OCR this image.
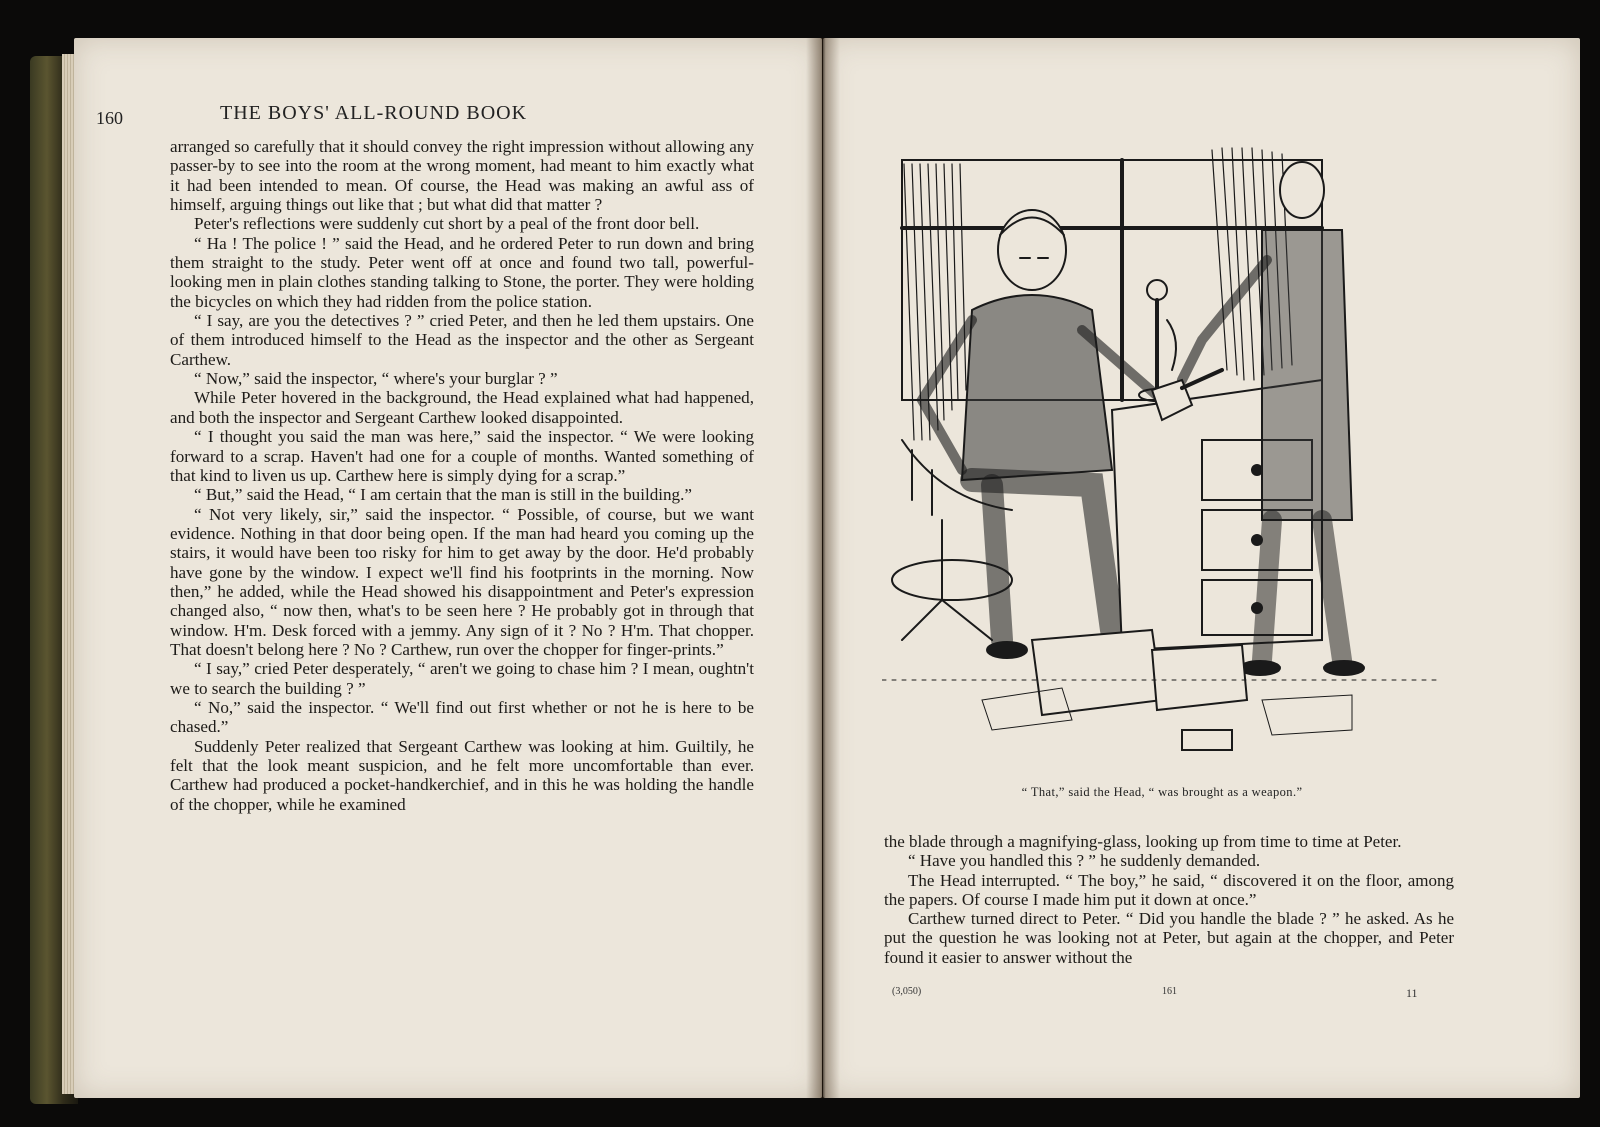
160	THE BOYS' ALL-ROUND BOOK

arranged so carefully that it should convey the right impression without allowing any passer-by to see into the room at the wrong moment, had meant to him exactly what it had been intended to mean. Of course, the Head was making an awful ass of himself, arguing things out like that ; but what did that matter ?

Peter's reflections were suddenly cut short by a peal of the front door bell.

“ Ha ! The police ! ” said the Head, and he ordered Peter to run down and bring them straight to the study. Peter went off at once and found two tall, powerful-looking men in plain clothes standing talking to Stone, the porter. They were holding the bicycles on which they had ridden from the police station.

“ I say, are you the detectives ? ” cried Peter, and then he led them upstairs. One of them introduced himself to the Head as the inspector and the other as Sergeant Carthew.

“ Now,” said the inspector, “ where's your burglar ? ”

While Peter hovered in the background, the Head explained what had happened, and both the inspector and Sergeant Carthew looked disappointed.

“ I thought you said the man was here,” said the inspector. “ We were looking forward to a scrap. Haven't had one for a couple of months. Wanted something of that kind to liven us up. Carthew here is simply dying for a scrap.”

“ But,” said the Head, “ I am certain that the man is still in the building.”

“ Not very likely, sir,” said the inspector. “ Possible, of course, but we want evidence. Nothing in that door being open. If the man had heard you coming up the stairs, it would have been too risky for him to get away by the door. He'd probably have gone by the window. I expect we'll find his footprints in the morning. Now then,” he added, while the Head showed his disappointment and Peter's expression changed also, “ now then, what's to be seen here ? He probably got in through that window. H'm. Desk forced with a jemmy. Any sign of it ? No ? H'm. That chopper. That doesn't belong here ? No ? Carthew, run over the chopper for finger-prints.”

“ I say,” cried Peter desperately, “ aren't we going to chase him ? I mean, oughtn't we to search the building ? ”

“ No,” said the inspector. “ We'll find out first whether or not he is here to be chased.”

Suddenly Peter realized that Sergeant Carthew was looking at him. Guiltily, he felt that the look meant suspicion, and he felt more uncomfortable than ever. Carthew had produced a pocket-handkerchief, and in this he was holding the handle of the chopper, while he examined

“ That,” said the Head, “ was brought as a weapon.”

the blade through a magnifying-glass, looking up from time to time at Peter.

“ Have you handled this ? ” he suddenly demanded.

The Head interrupted. “ The boy,” he said, “ discovered it on the floor, among the papers. Of course I made him put it down at once.”

Carthew turned direct to Peter. “ Did you handle the blade ? ” he asked. As he put the question he was looking not at Peter, but again at the chopper, and Peter found it easier to answer without the

(3,050)	161	11
